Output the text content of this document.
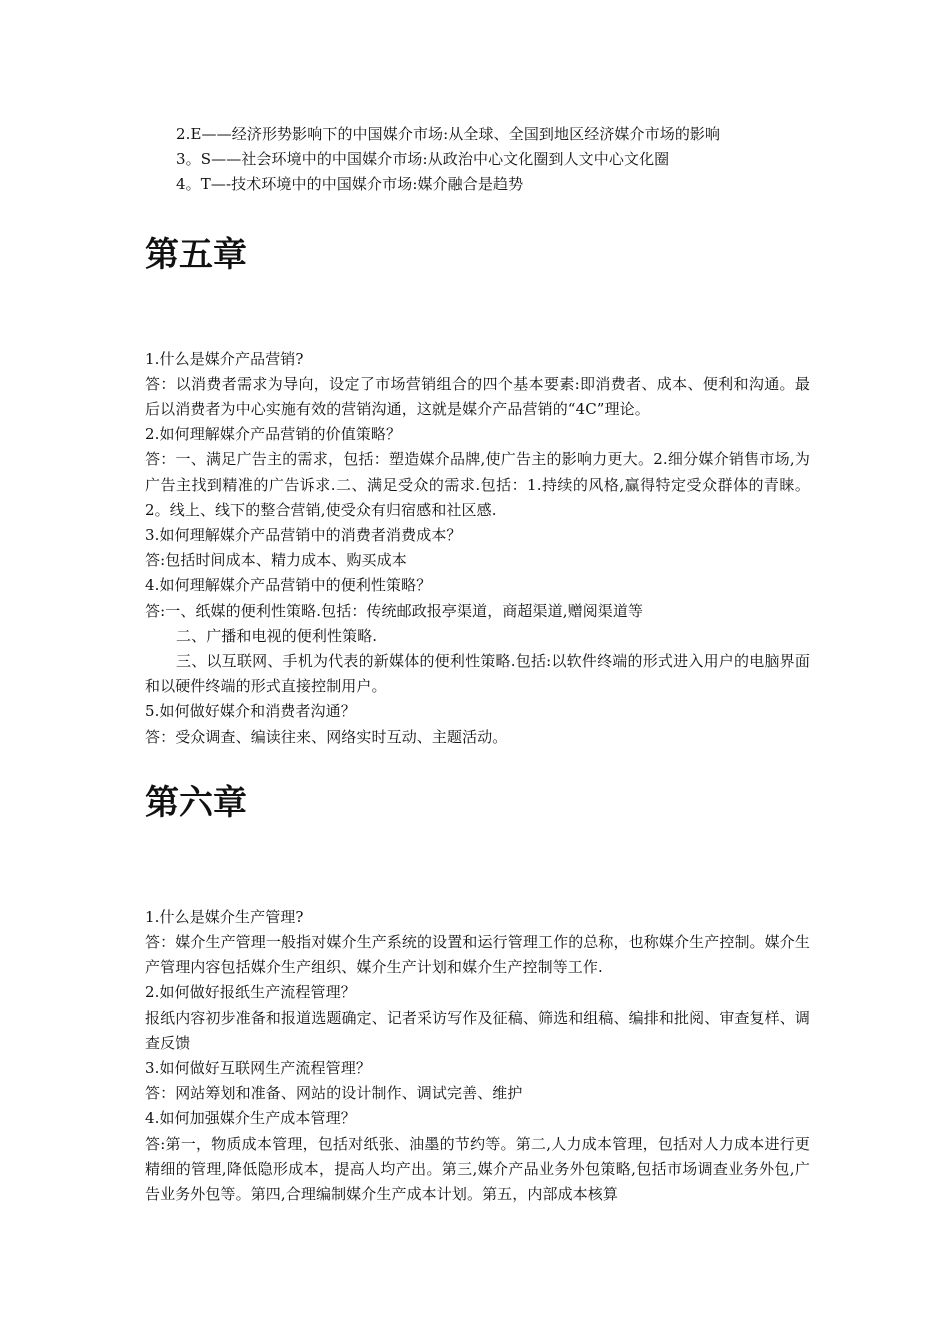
2.E——经济形势影响下的中国媒介市场:从全球、全国到地区经济媒介市场的影响

3。S——社会环境中的中国媒介市场:从政治中心文化圈到人文中心文化圈

4。T—-技术环境中的中国媒介市场:媒介融合是趋势

第五章

1.什么是媒介产品营销?

答：以消费者需求为导向，设定了市场营销组合的四个基本要素:即消费者、成本、便利和沟通。最后以消费者为中心实施有效的营销沟通，这就是媒介产品营销的“4C”理论。

2.如何理解媒介产品营销的价值策略？

答：一、满足广告主的需求，包括：塑造媒介品牌,使广告主的影响力更大。2.细分媒介销售市场,为广告主找到精准的广告诉求.二、满足受众的需求.包括：1.持续的风格,赢得特定受众群体的青睐。2。线上、线下的整合营销,使受众有归宿感和社区感.

3.如何理解媒介产品营销中的消费者消费成本？

答:包括时间成本、精力成本、购买成本

4.如何理解媒介产品营销中的便利性策略？

答:一、纸媒的便利性策略.包括：传统邮政报亭渠道，商超渠道,赠阅渠道等

二、广播和电视的便利性策略.

三、以互联网、手机为代表的新媒体的便利性策略.包括:以软件终端的形式进入用户的电脑界面和以硬件终端的形式直接控制用户。

5.如何做好媒介和消费者沟通？

答：受众调查、编读往来、网络实时互动、主题活动。

第六章

1.什么是媒介生产管理?

答：媒介生产管理一般指对媒介生产系统的设置和运行管理工作的总称，也称媒介生产控制。媒介生产管理内容包括媒介生产组织、媒介生产计划和媒介生产控制等工作.

2.如何做好报纸生产流程管理？

报纸内容初步准备和报道选题确定、记者采访写作及征稿、筛选和组稿、编排和批阅、审查复样、调查反馈

3.如何做好互联网生产流程管理？

答：网站筹划和准备、网站的设计制作、调试完善、维护

4.如何加强媒介生产成本管理？

答:第一，物质成本管理，包括对纸张、油墨的节约等。第二,人力成本管理，包括对人力成本进行更精细的管理,降低隐形成本，提高人均产出。第三,媒介产品业务外包策略,包括市场调查业务外包,广告业务外包等。第四,合理编制媒介生产成本计划。第五，内部成本核算
